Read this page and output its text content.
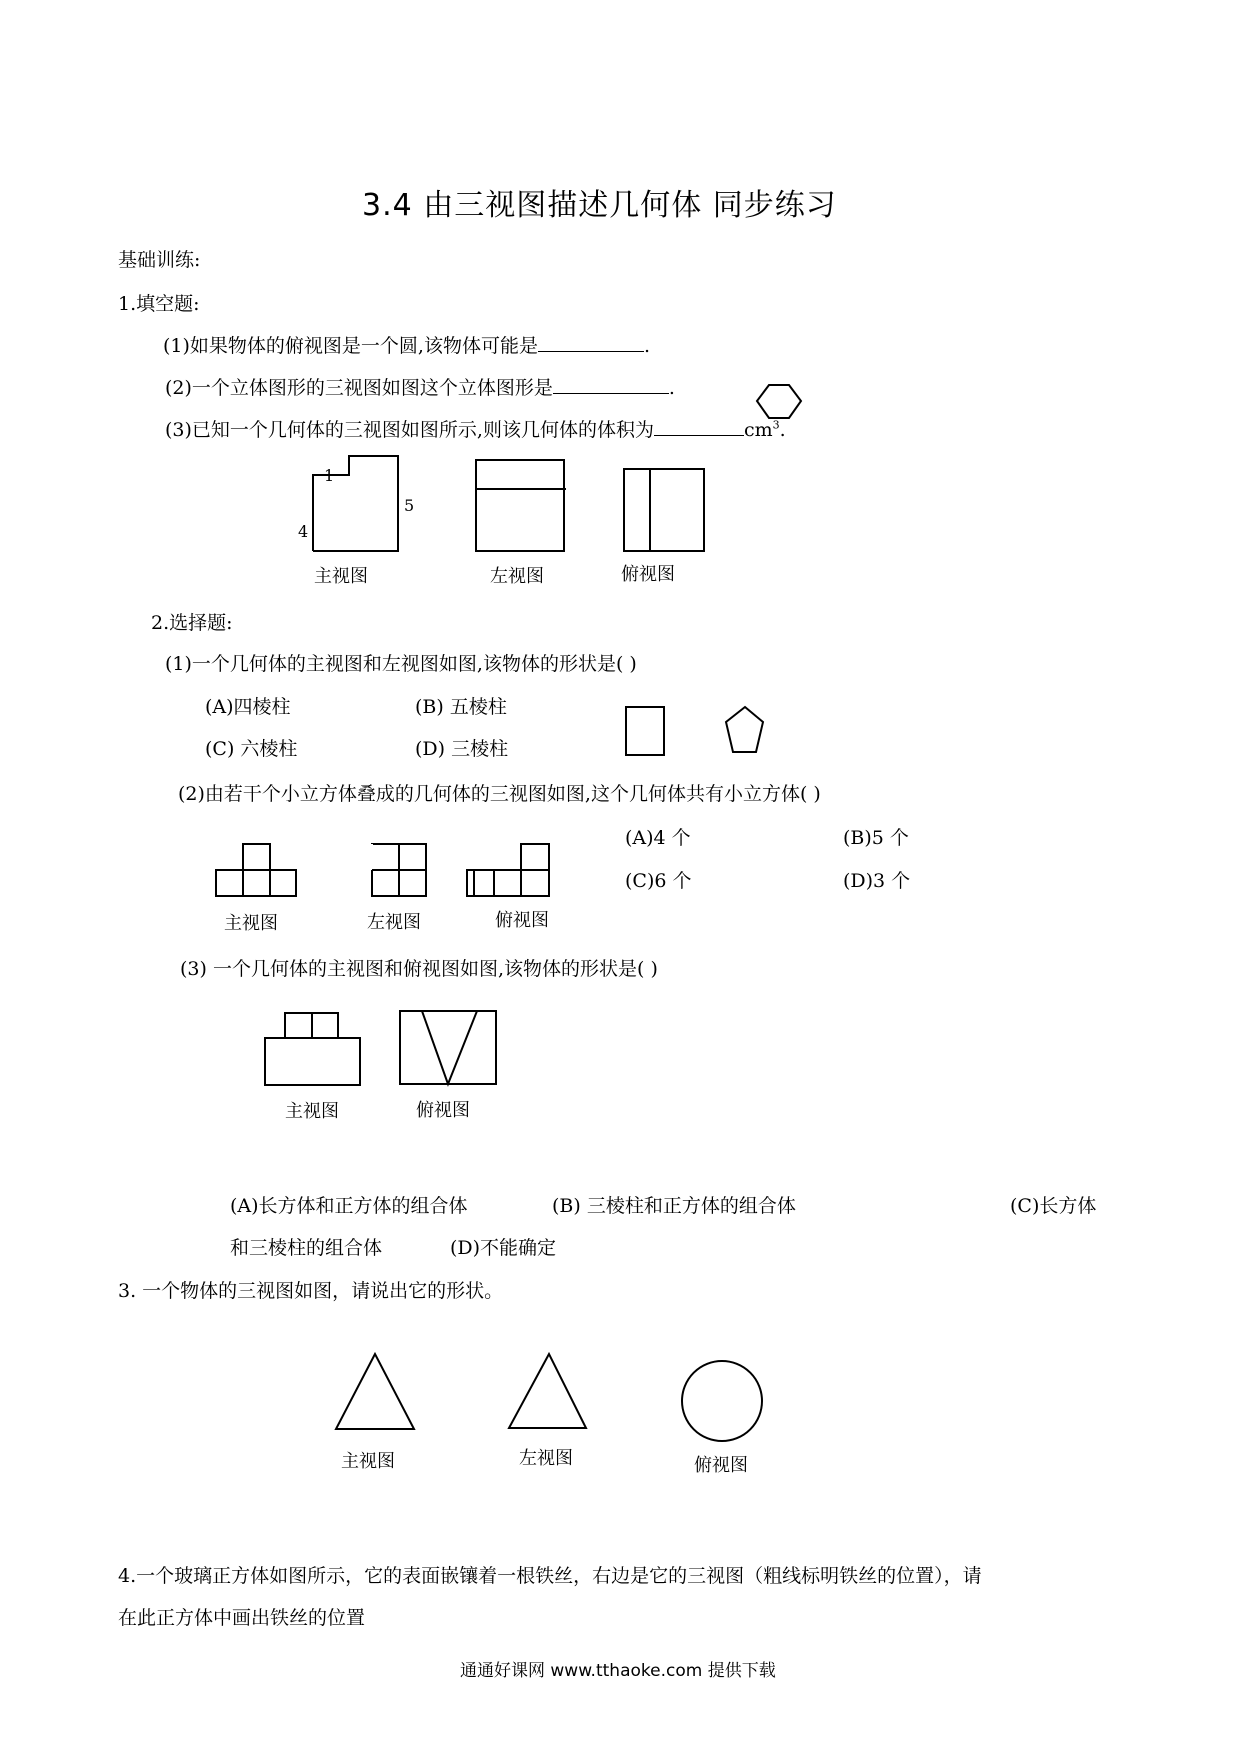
3.4 由三视图描述几何体 同步练习
基础训练:
1.填空题:
(1)如果物体的俯视图是一个圆,该物体可能是	.
(2)一个立体图形的三视图如图这个立体图形是	.
(3)已知一个几何体的三视图如图所示,则该几何体的体积为	$cm^3$.
1
5
4
主视图	左视图	俯视图
2.选择题:
(1)一个几何体的主视图和左视图如图,该物体的形状是( )
(A)四棱柱	(B) 五棱柱
(C) 六棱柱	(D) 三棱柱
(2)由若干个小立方体叠成的几何体的三视图如图,这个几何体共有小立方体( )
(A)4 个	(B)5 个
(C)6 个	(D)3 个
主视图	左视图	俯视图
(3) 一个几何体的主视图和俯视图如图,该物体的形状是( )
主视图	俯视图
(A)长方体和正方体的组合体	(B) 三棱柱和正方体的组合体	(C)长方体
和三棱柱的组合体	(D)不能确定
3. 一个物体的三视图如图，请说出它的形状。
主视图	左视图	俯视图
4.一个玻璃正方体如图所示，它的表面嵌镶着一根铁丝，右边是它的三视图（粗线标明铁丝的位置），请
在此正方体中画出铁丝的位置
通通好课网 www.tthaoke.com 提供下载
